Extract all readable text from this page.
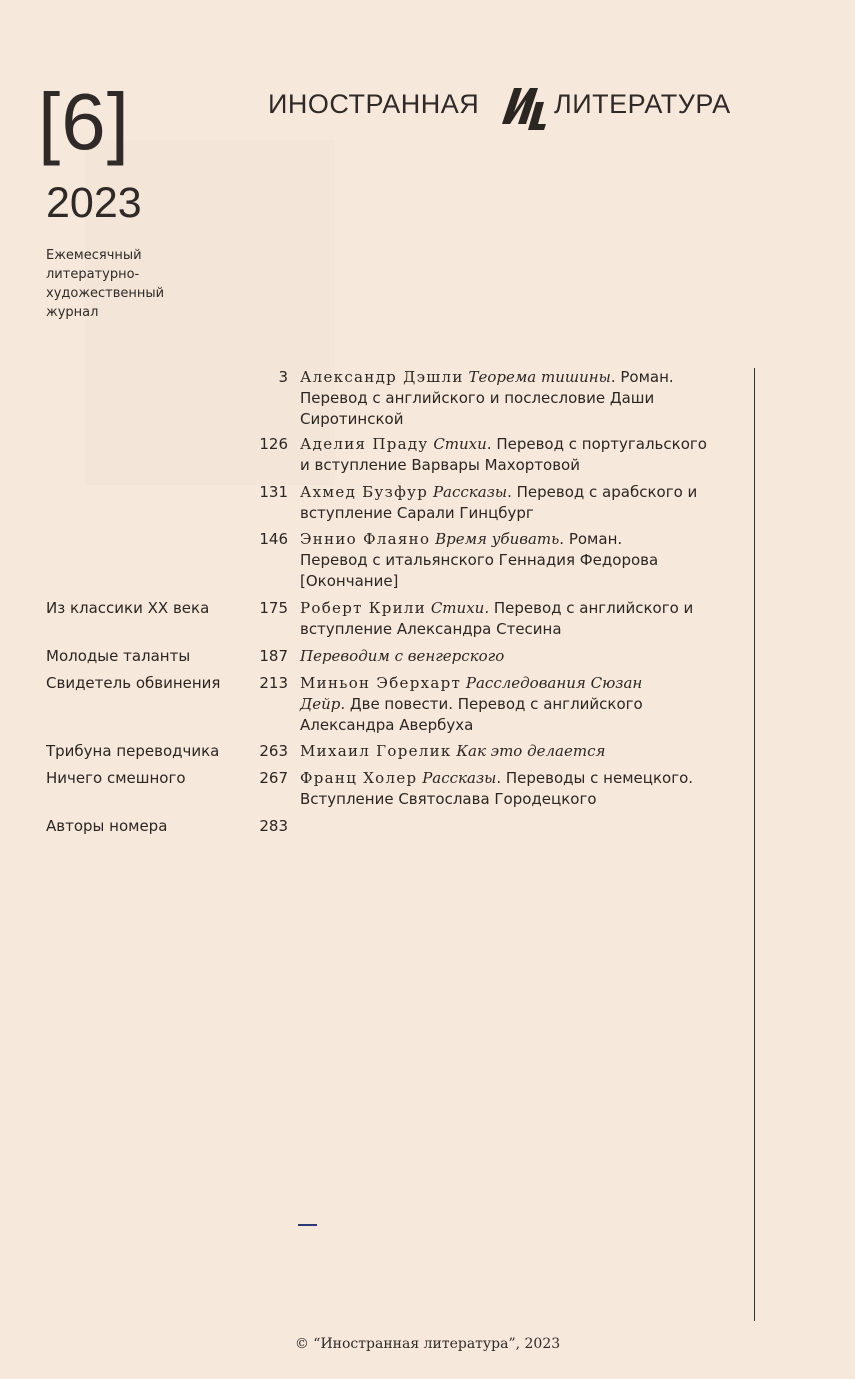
[6]
2023
Ежемесячный
литературно-
художественный
журнал
ИНОСТРАННАЯ	ЛИТЕРАТУРА
3 Александр Дэшли Теорема тишины. Роман.
Перевод с английского и послесловие Даши
Сиротинской
126 Аделия Праду Стихи. Перевод с португальского
и вступление Варвары Махортовой
131 Ахмед Бузфур Рассказы. Перевод с арабского и
вступление Сарали Гинцбург
146 Эннио Флаяно Время убивать. Роман.
Перевод с итальянского Геннадия Федорова
[Окончание]
Из классики XX века	175 Роберт Крили Стихи. Перевод с английского и
вступление Александра Стесина
Молодые таланты	187 Переводим с венгерского
Свидетель обвинения	213 Миньон Эберхарт Расследования Сюзан
Дейр. Две повести. Перевод с английского
Александра Авербуха
Трибуна переводчика	263 Михаил Горелик Как это делается
Ничего смешного	267 Франц Холер Рассказы. Переводы с немецкого.
Вступление Святослава Городецкого
Авторы номера	283
© “Иностранная литература”, 2023
